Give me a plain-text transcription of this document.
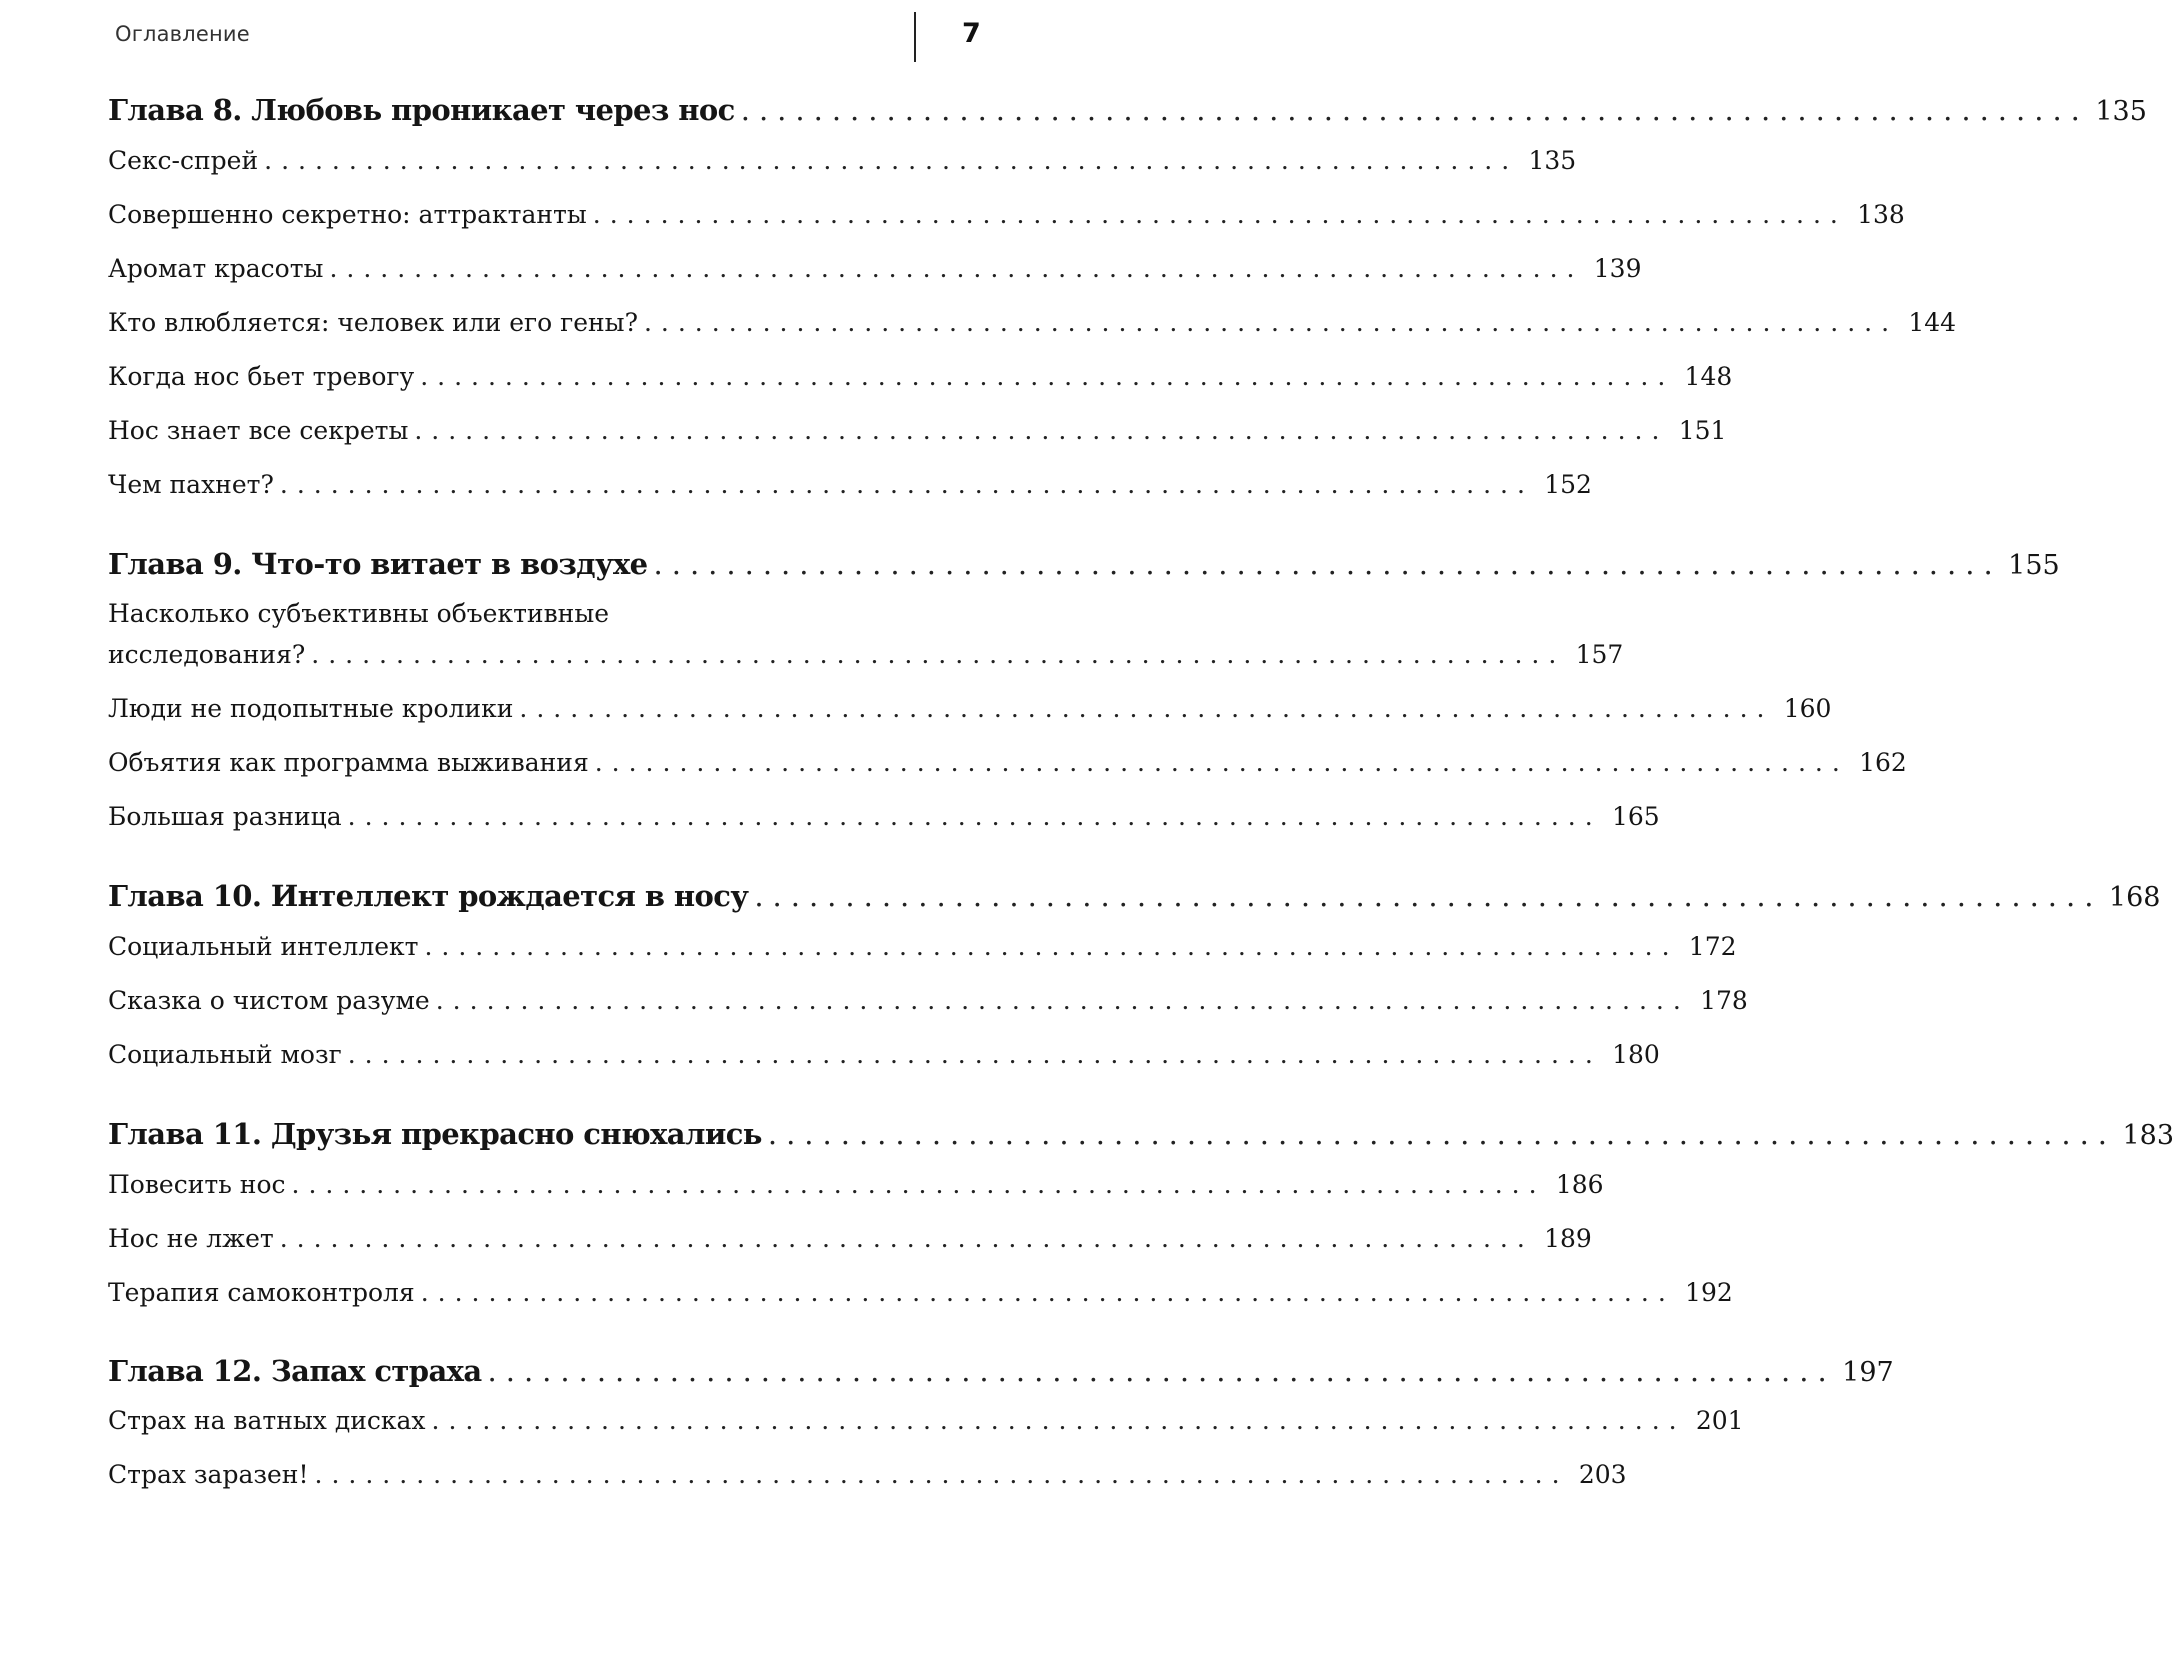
Оглавление	7
Глава 8. Любовь проникает через нос .......................................................................... 135
Секс-спрей .......................................................................... 135
Совершенно секретно: аттрактанты .......................................................................... 138
Аромат красоты .......................................................................... 139
Кто влюбляется: человек или его гены? .......................................................................... 144
Когда нос бьет тревогу .......................................................................... 148
Нос знает все секреты .......................................................................... 151
Чем пахнет? .......................................................................... 152
Глава 9. Что-то витает в воздухе .......................................................................... 155
Насколько субъективны объективные
исследования? .......................................................................... 157
Люди не подопытные кролики .......................................................................... 160
Объятия как программа выживания .......................................................................... 162
Большая разница .......................................................................... 165
Глава 10. Интеллект рождается в носу .......................................................................... 168
Социальный интеллект .......................................................................... 172
Сказка о чистом разуме .......................................................................... 178
Социальный мозг .......................................................................... 180
Глава 11. Друзья прекрасно снюхались .......................................................................... 183
Повесить нос .......................................................................... 186
Нос не лжет .......................................................................... 189
Терапия самоконтроля .......................................................................... 192
Глава 12. Запах страха .......................................................................... 197
Страх на ватных дисках .......................................................................... 201
Страх заразен! .......................................................................... 203
